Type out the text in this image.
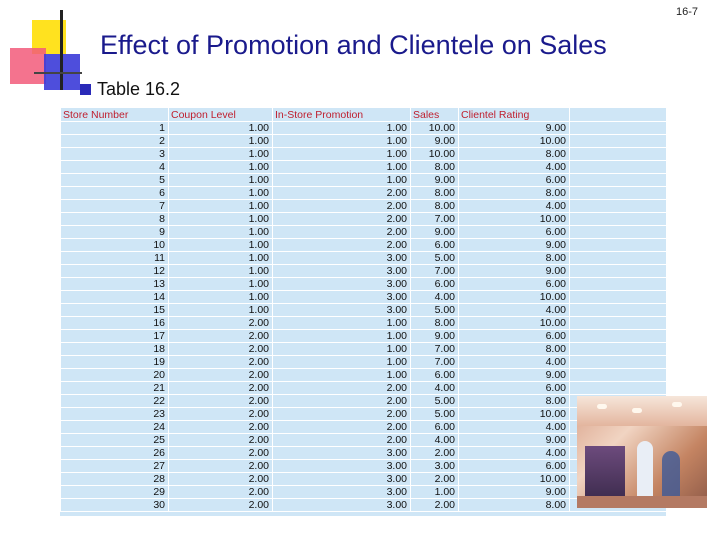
16-7
Effect of Promotion and Clientele on Sales
Table 16.2
Store Number	Coupon Level	In-Store Promotion	Sales	Clientel Rating	
1	1.00	1.00	10.00	9.00	
2	1.00	1.00	9.00	10.00	
3	1.00	1.00	10.00	8.00	
4	1.00	1.00	8.00	4.00	
5	1.00	1.00	9.00	6.00	
6	1.00	2.00	8.00	8.00	
7	1.00	2.00	8.00	4.00	
8	1.00	2.00	7.00	10.00	
9	1.00	2.00	9.00	6.00	
10	1.00	2.00	6.00	9.00	
11	1.00	3.00	5.00	8.00	
12	1.00	3.00	7.00	9.00	
13	1.00	3.00	6.00	6.00	
14	1.00	3.00	4.00	10.00	
15	1.00	3.00	5.00	4.00	
16	2.00	1.00	8.00	10.00	
17	2.00	1.00	9.00	6.00	
18	2.00	1.00	7.00	8.00	
19	2.00	1.00	7.00	4.00	
20	2.00	1.00	6.00	9.00	
21	2.00	2.00	4.00	6.00	
22	2.00	2.00	5.00	8.00	
23	2.00	2.00	5.00	10.00	
24	2.00	2.00	6.00	4.00	
25	2.00	2.00	4.00	9.00	
26	2.00	3.00	2.00	4.00	
27	2.00	3.00	3.00	6.00	
28	2.00	3.00	2.00	10.00	
29	2.00	3.00	1.00	9.00	
30	2.00	3.00	2.00	8.00	
